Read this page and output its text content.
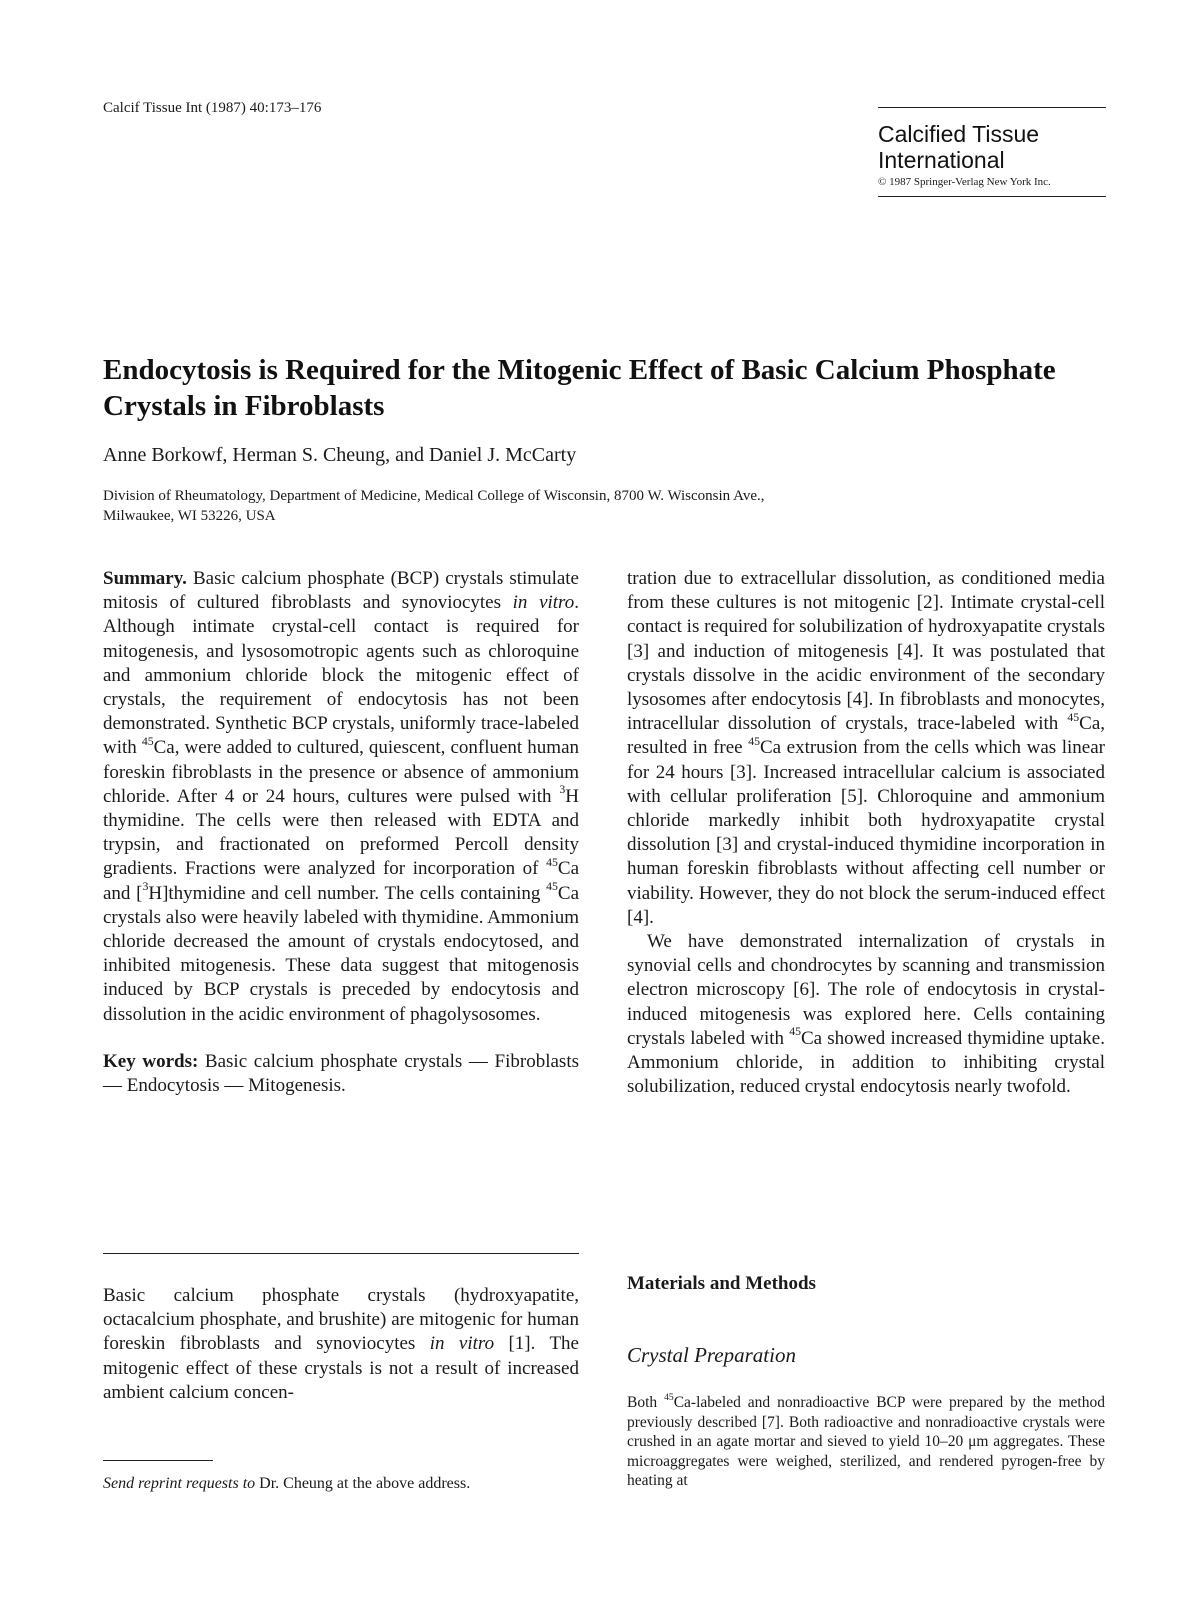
Calcif Tissue Int (1987) 40:173–176
Calcified Tissue
International
© 1987 Springer-Verlag New York Inc.
Endocytosis is Required for the Mitogenic Effect of Basic Calcium Phosphate Crystals in Fibroblasts
Anne Borkowf, Herman S. Cheung, and Daniel J. McCarty
Division of Rheumatology, Department of Medicine, Medical College of Wisconsin, 8700 W. Wisconsin Ave.,
Milwaukee, WI 53226, USA

Summary. Basic calcium phosphate (BCP) crystals stimulate mitosis of cultured fibroblasts and synoviocytes in vitro. Although intimate crystal-cell contact is required for mitogenesis, and lysosomotropic agents such as chloroquine and ammonium chloride block the mitogenic effect of crystals, the requirement of endocytosis has not been demonstrated. Synthetic BCP crystals, uniformly trace-labeled with $^{45}$Ca, were added to cultured, quiescent, confluent human foreskin fibroblasts in the presence or absence of ammonium chloride. After 4 or 24 hours, cultures were pulsed with $^3$H thymidine. The cells were then released with EDTA and trypsin, and fractionated on preformed Percoll density gradients. Fractions were analyzed for incorporation of $^{45}$Ca and [$^3$H]thymidine and cell number. The cells containing $^{45}$Ca crystals also were heavily labeled with thymidine. Ammonium chloride decreased the amount of crystals endocytosed, and inhibited mitogenesis. These data suggest that mitogenosis induced by BCP crystals is preceded by endocytosis and dissolution in the acidic environment of phagolysosomes.

Key words: Basic calcium phosphate crystals — Fibroblasts — Endocytosis — Mitogenesis.

Basic calcium phosphate crystals (hydroxyapatite, octacalcium phosphate, and brushite) are mitogenic for human foreskin fibroblasts and synoviocytes in vitro [1]. The mitogenic effect of these crystals is not a result of increased ambient calcium concen-

tration due to extracellular dissolution, as conditioned media from these cultures is not mitogenic [2]. Intimate crystal-cell contact is required for solubilization of hydroxyapatite crystals [3] and induction of mitogenesis [4]. It was postulated that crystals dissolve in the acidic environment of the secondary lysosomes after endocytosis [4]. In fibroblasts and monocytes, intracellular dissolution of crystals, trace-labeled with $^{45}$Ca, resulted in free $^{45}$Ca extrusion from the cells which was linear for 24 hours [3]. Increased intracellular calcium is associated with cellular proliferation [5]. Chloroquine and ammonium chloride markedly inhibit both hydroxyapatite crystal dissolution [3] and crystal-induced thymidine incorporation in human foreskin fibroblasts without affecting cell number or viability. However, they do not block the serum-induced effect [4].

We have demonstrated internalization of crystals in synovial cells and chondrocytes by scanning and transmission electron microscopy [6]. The role of endocytosis in crystal-induced mitogenesis was explored here. Cells containing crystals labeled with $^{45}$Ca showed increased thymidine uptake. Ammonium chloride, in addition to inhibiting crystal solubilization, reduced crystal endocytosis nearly twofold.

Materials and Methods
Crystal Preparation

Both $^{45}$Ca-labeled and nonradioactive BCP were prepared by the method previously described [7]. Both radioactive and nonradioactive crystals were crushed in an agate mortar and sieved to yield 10–20 μm aggregates. These microaggregates were weighed, sterilized, and rendered pyrogen-free by heating at

Send reprint requests to Dr. Cheung at the above address.
